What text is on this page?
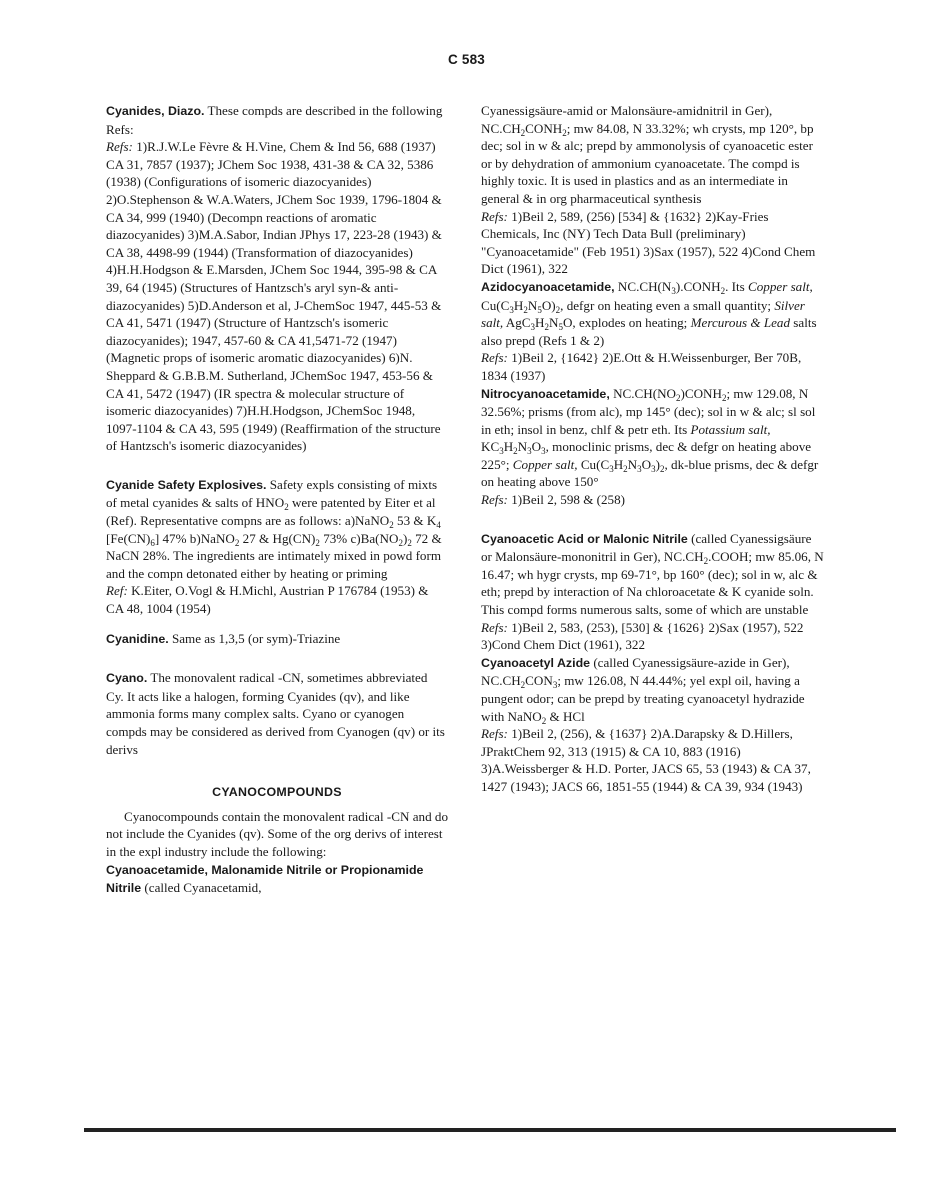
C 583

Cyanides, Diazo. These compds are described in the following Refs:
Refs: 1)R.J.W.Le Fèvre & H.Vine, Chem & Ind 56, 688 (1937) CA 31, 7857 (1937); JChem Soc 1938, 431-38 & CA 32, 5386 (1938) (Configurations of isomeric diazocyanides) 2)O.Stephenson & W.A.Waters, JChem Soc 1939, 1796-1804 & CA 34, 999 (1940) (Decompn reactions of aromatic diazocyanides) 3)M.A.Sabor, Indian JPhys 17, 223-28 (1943) & CA 38, 4498-99 (1944) (Transformation of diazocyanides) 4)H.H.Hodgson & E.Marsden, JChem Soc 1944, 395-98 & CA 39, 64 (1945) (Structures of Hantzsch's aryl syn-& anti-diazocyanides) 5)D.Anderson et al, J-ChemSoc 1947, 445-53 & CA 41, 5471 (1947) (Structure of Hantzsch's isomeric diazocyanides); 1947, 457-60 & CA 41,5471-72 (1947) (Magnetic props of isomeric aromatic diazocyanides) 6)N. Sheppard & G.B.B.M. Sutherland, JChemSoc 1947, 453-56 & CA 41, 5472 (1947) (IR spectra & molecular structure of isomeric diazocyanides) 7)H.H.Hodgson, JChemSoc 1948, 1097-1104 & CA 43, 595 (1949) (Reaffirmation of the structure of Hantzsch's isomeric diazocyanides)

Cyanide Safety Explosives. Safety expls consisting of mixts of metal cyanides & salts of $HNO_2$ were patented by Eiter et al (Ref). Representative compns are as follows: a)NaNO$_2$ 53 & $K_4$ $[Fe(CN)_6]$ 47% b)NaNO$_2$ 27 & $Hg(CN)_2$ 73% $c)Ba(NO_2)_2$ 72 & NaCN 28%. The ingredients are intimately mixed in powd form and the compn detonated either by heating or priming
Ref: K.Eiter, O.Vogl & H.Michl, Austrian P 176784 (1953) & CA 48, 1004 (1954)

Cyanidine. Same as 1,3,5 (or sym)-Triazine

Cyano. The monovalent radical -CN, sometimes abbreviated Cy. It acts like a halogen, forming Cyanides (qv), and like ammonia forms many complex salts. Cyano or cyanogen compds may be considered as derived from Cyanogen (qv) or its derivs

CYANOCOMPOUNDS

Cyanocompounds contain the monovalent radical -CN and do not include the Cyanides (qv). Some of the org derivs of interest in the expl industry include the following:

Cyanoacetamide, Malonamide Nitrile or Propionamide Nitrile (called Cyanacetamid,

Cyanessigsäure-amid or Malonsäure-amidnitril in Ger), $NC.CH_2CONH_2$; mw 84.08, N 33.32%; wh crysts, mp 120°, bp dec; sol in w & alc; prepd by ammonolysis of cyanoacetic ester or by dehydration of ammonium cyanoacetate. The compd is highly toxic. It is used in plastics and as an intermediate in general & in org pharmaceutical synthesis
Refs: 1)Beil 2, 589, (256) [534] & {1632} 2)Kay-Fries Chemicals, Inc (NY) Tech Data Bull (preliminary) "Cyanoacetamide" (Feb 1951) 3)Sax (1957), 522 4)Cond Chem Dict (1961), 322

Azidocyanoacetamide, $NC.CH(N_3).CONH_2$. Its Copper salt, $Cu(C_3H_2N_5O)_2$, defgr on heating even a small quantity; Silver salt, $AgC_3H_2N_5O$, explodes on heating; Mercurous & Lead salts also prepd (Refs 1 & 2)
Refs: 1)Beil 2, {1642} 2)E.Ott & H.Weissenburger, Ber 70B, 1834 (1937)

Nitrocyanoacetamide, $NC.CH(NO_2)CONH_2$; mw 129.08, N 32.56%; prisms (from alc), mp 145° (dec); sol in w & alc; sl sol in eth; insol in benz, chlf & petr eth. Its Potassium salt, $KC_3H_2N_3O_3$, monoclinic prisms, dec & defgr on heating above 225°; Copper salt, $Cu(C_3H_2N_3O_3)_2$, dk-blue prisms, dec & defgr on heating above 150°
Refs: 1)Beil 2, 598 & (258)

Cyanoacetic Acid or Malonic Nitrile (called Cyanessigsäure or Malonsäure-mononitril in Ger), $NC.CH_2.COOH$; mw 85.06, N 16.47; wh hygr crysts, mp 69-71°, bp 160° (dec); sol in w, alc & eth; prepd by interaction of Na chloroacetate & K cyanide soln. This compd forms numerous salts, some of which are unstable
Refs: 1)Beil 2, 583, (253), [530] & {1626} 2)Sax (1957), 522 3)Cond Chem Dict (1961), 322

Cyanoacetyl Azide (called Cyanessigsäure-azide in Ger), $NC.CH_2CON_3$; mw 126.08, N 44.44%; yel expl oil, having a pungent odor; can be prepd by treating cyanoacetyl hydrazide with NaNO$_2$ & HCl
Refs: 1)Beil 2, (256), & {1637} 2)A.Darapsky & D.Hillers, JPraktChem 92, 313 (1915) & CA 10, 883 (1916) 3)A.Weissberger & H.D. Porter, JACS 65, 53 (1943) & CA 37, 1427 (1943); JACS 66, 1851-55 (1944) & CA 39, 934 (1943)
